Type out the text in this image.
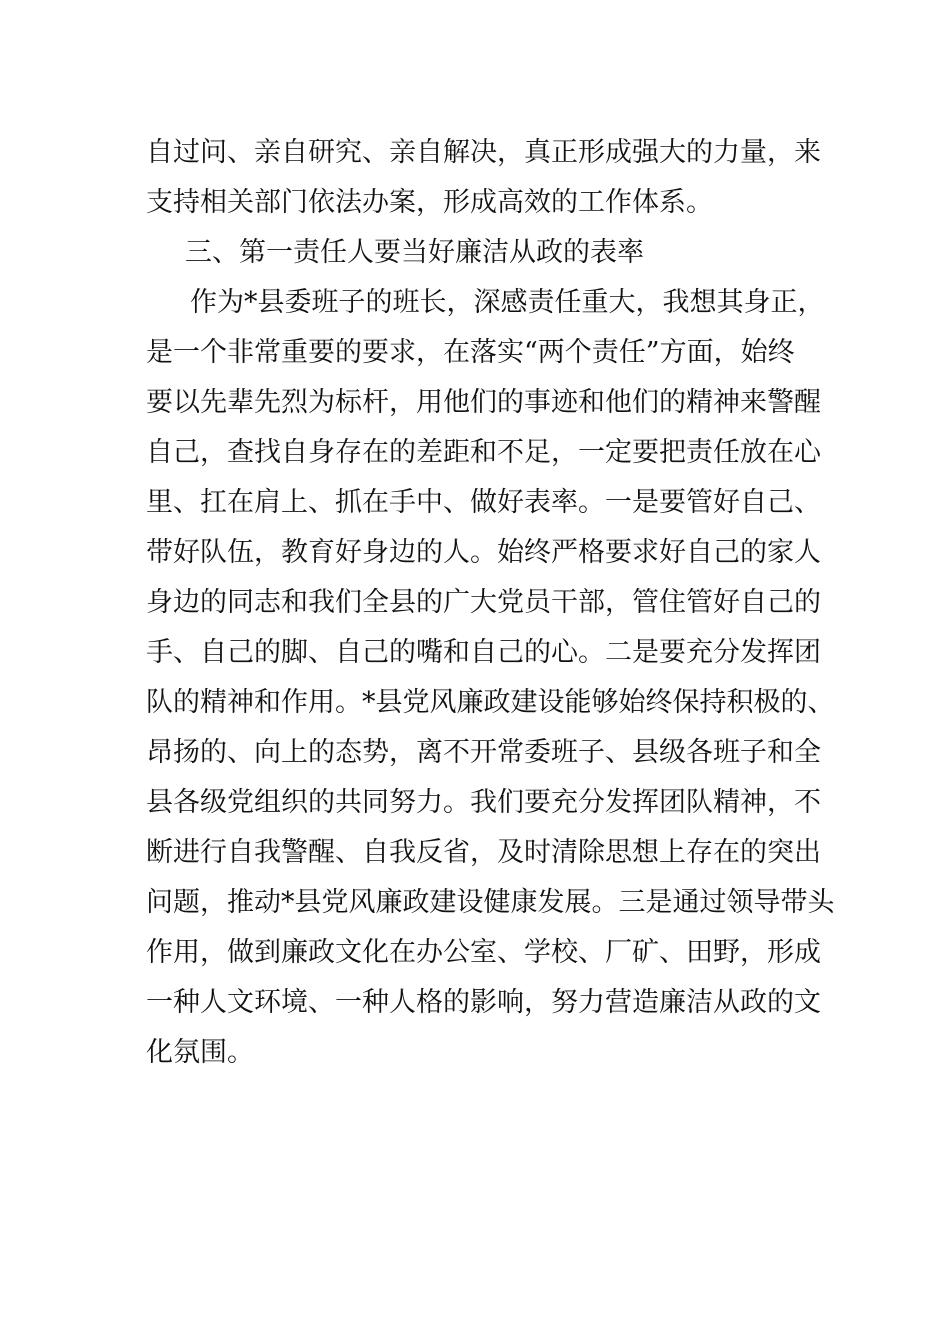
自过问、亲自研究、亲自解决，真正形成强大的力量，来
支持相关部门依法办案，形成高效的工作体系。
三、第一责任人要当好廉洁从政的表率
作为*县委班子的班长，深感责任重大，我想其身正，
是一个非常重要的要求，在落实“两个责任”方面，始终
要以先辈先烈为标杆，用他们的事迹和他们的精神来警醒
自己，查找自身存在的差距和不足，一定要把责任放在心
里、扛在肩上、抓在手中、做好表率。一是要管好自己、
带好队伍，教育好身边的人。始终严格要求好自己的家人
身边的同志和我们全县的广大党员干部，管住管好自己的
手、自己的脚、自己的嘴和自己的心。二是要充分发挥团
队的精神和作用。*县党风廉政建设能够始终保持积极的、
昂扬的、向上的态势，离不开常委班子、县级各班子和全
县各级党组织的共同努力。我们要充分发挥团队精神，不
断进行自我警醒、自我反省，及时清除思想上存在的突出
问题，推动*县党风廉政建设健康发展。三是通过领导带头
作用，做到廉政文化在办公室、学校、厂矿、田野，形成
一种人文环境、一种人格的影响，努力营造廉洁从政的文
化氛围。
